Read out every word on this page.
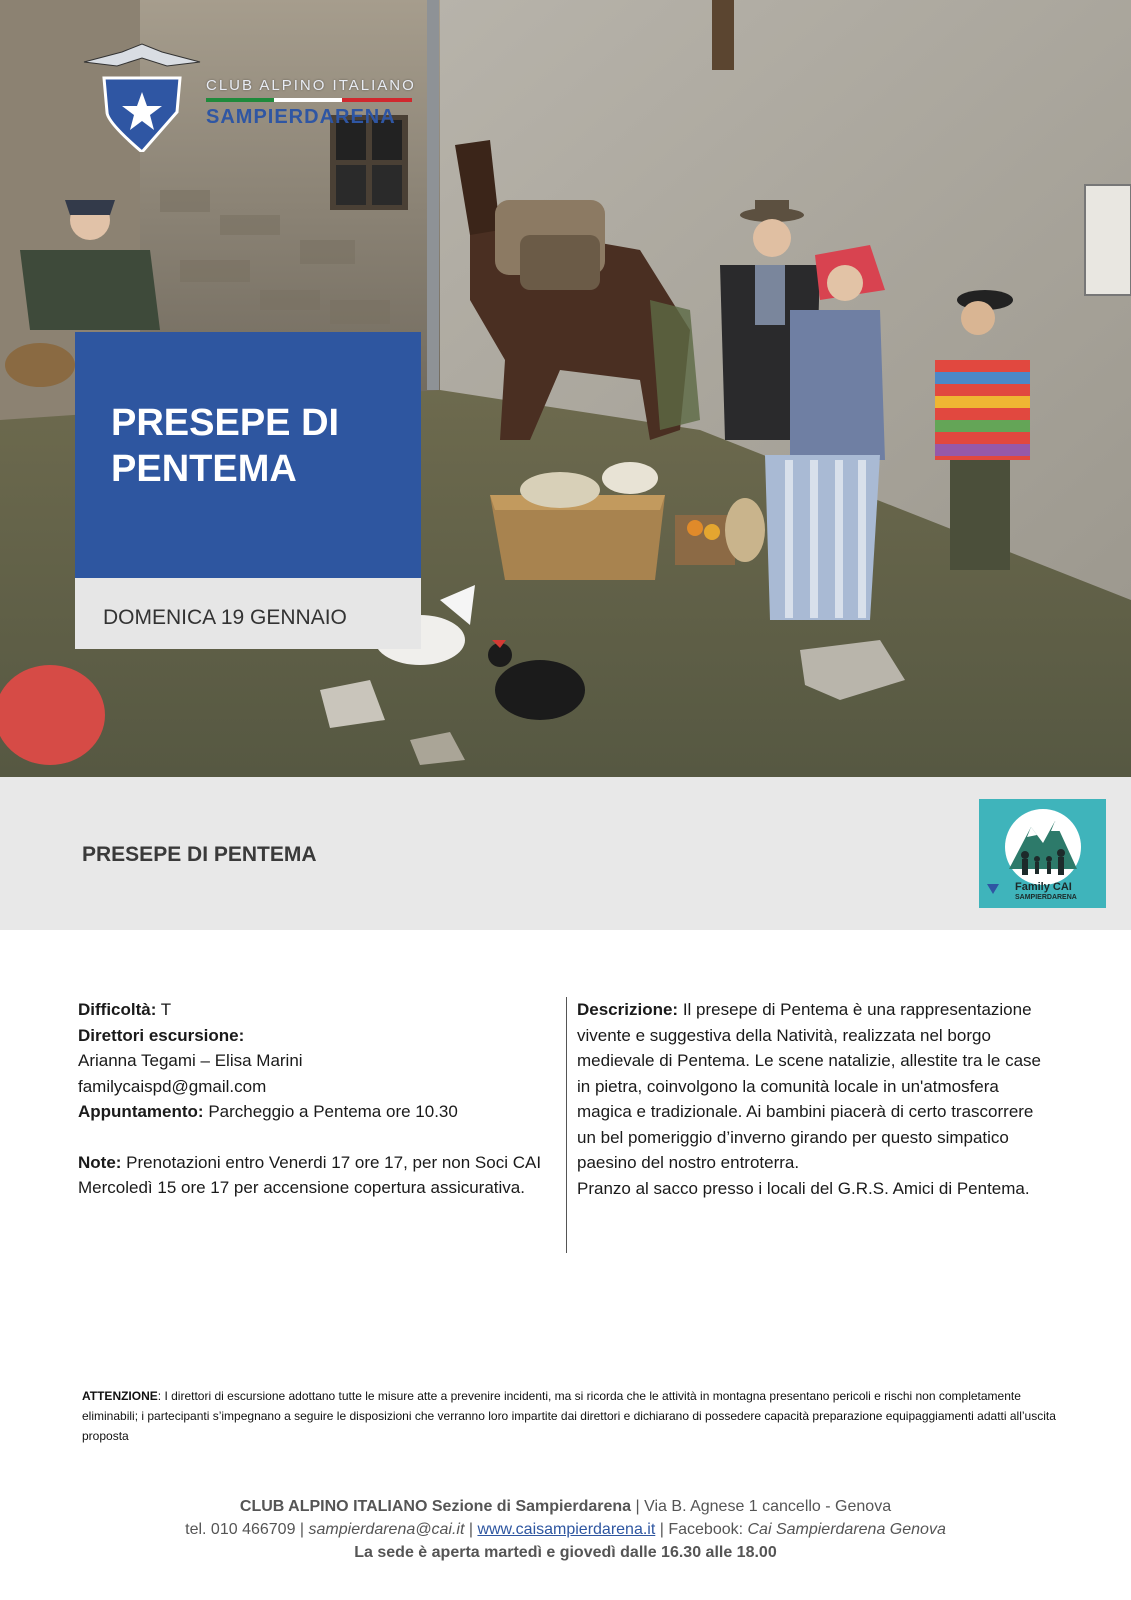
CLUB ALPINO ITALIANO
SAMPIERDARENA
PRESEPE DI
PENTEMA
DOMENICA 19 GENNAIO
PRESEPE DI PENTEMA
Family CAI
SAMPIERDARENA
Difficoltà: T
Direttori escursione:
Arianna Tegami – Elisa Marini
familycaispd@gmail.com
Appuntamento: Parcheggio a Pentema ore 10.30
Note: Prenotazioni entro Venerdi 17 ore 17, per non Soci CAI Mercoledì 15 ore 17 per accensione copertura assicurativa.
Descrizione: Il presepe di Pentema è una rappresentazione vivente e suggestiva della Natività, realizzata nel borgo medievale di Pentema. Le scene natalizie, allestite tra le case in pietra, coinvolgono la comunità locale in un'atmosfera magica e tradizionale. Ai bambini piacerà di certo trascorrere un bel pomeriggio d’inverno girando per questo simpatico paesino del nostro entroterra.
Pranzo al sacco presso i locali del G.R.S. Amici di Pentema.
ATTENZIONE: I direttori di escursione adottano tutte le misure atte a prevenire incidenti, ma si ricorda che le attività in montagna presentano pericoli e rischi non completamente eliminabili; i partecipanti s’impegnano a seguire le disposizioni che verranno loro impartite dai direttori e dichiarano di possedere capacità preparazione equipaggiamenti adatti all’uscita proposta
CLUB ALPINO ITALIANO Sezione di Sampierdarena | Via B. Agnese 1 cancello - Genova
tel. 010 466709 | sampierdarena@cai.it | www.caisampierdarena.it | Facebook: Cai Sampierdarena Genova
La sede è aperta martedì e giovedì dalle 16.30 alle 18.00
